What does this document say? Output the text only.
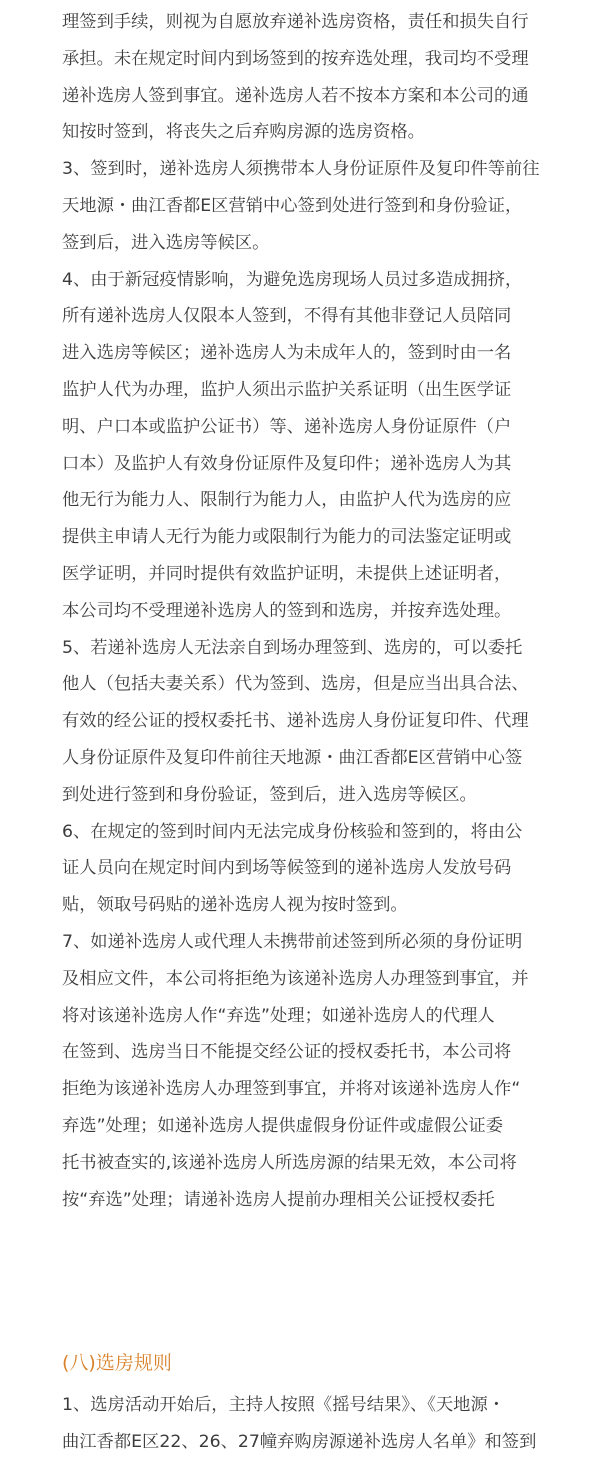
理签到手续，则视为自愿放弃递补选房资格，责任和损失自行
承担。未在规定时间内到场签到的按弃选处理，我司均不受理
递补选房人签到事宜。递补选房人若不按本方案和本公司的通
知按时签到，将丧失之后弃购房源的选房资格。
3、签到时，递补选房人须携带本人身份证原件及复印件等前往
天地源・曲江香都E区营销中心签到处进行签到和身份验证，
签到后，进入选房等候区。
4、由于新冠疫情影响，为避免选房现场人员过多造成拥挤，
所有递补选房人仅限本人签到，不得有其他非登记人员陪同
进入选房等候区；递补选房人为未成年人的，签到时由一名
监护人代为办理，监护人须出示监护关系证明（出生医学证
明、户口本或监护公证书）等、递补选房人身份证原件（户
口本）及监护人有效身份证原件及复印件；递补选房人为其
他无行为能力人、限制行为能力人，由监护人代为选房的应
提供主申请人无行为能力或限制行为能力的司法鉴定证明或
医学证明，并同时提供有效监护证明，未提供上述证明者，
本公司均不受理递补选房人的签到和选房，并按弃选处理。
5、若递补选房人无法亲自到场办理签到、选房的，可以委托
他人（包括夫妻关系）代为签到、选房，但是应当出具合法、
有效的经公证的授权委托书、递补选房人身份证复印件、代理
人身份证原件及复印件前往天地源・曲江香都E区营销中心签
到处进行签到和身份验证，签到后，进入选房等候区。
6、在规定的签到时间内无法完成身份核验和签到的，将由公
证人员向在规定时间内到场等候签到的递补选房人发放号码
贴，领取号码贴的递补选房人视为按时签到。
7、如递补选房人或代理人未携带前述签到所必须的身份证明
及相应文件，本公司将拒绝为该递补选房人办理签到事宜，并
将对该递补选房人作“弃选”处理；如递补选房人的代理人
在签到、选房当日不能提交经公证的授权委托书，本公司将
拒绝为该递补选房人办理签到事宜，并将对该递补选房人作“
弃选”处理；如递补选房人提供虚假身份证件或虚假公证委
托书被查实的,该递补选房人所选房源的结果无效，本公司将
按“弃选”处理；请递补选房人提前办理相关公证授权委托
(八)选房规则
1、选房活动开始后，主持人按照《摇号结果》、《天地源・
曲江香都E区22、26、27幢弃购房源递补选房人名单》和签到
